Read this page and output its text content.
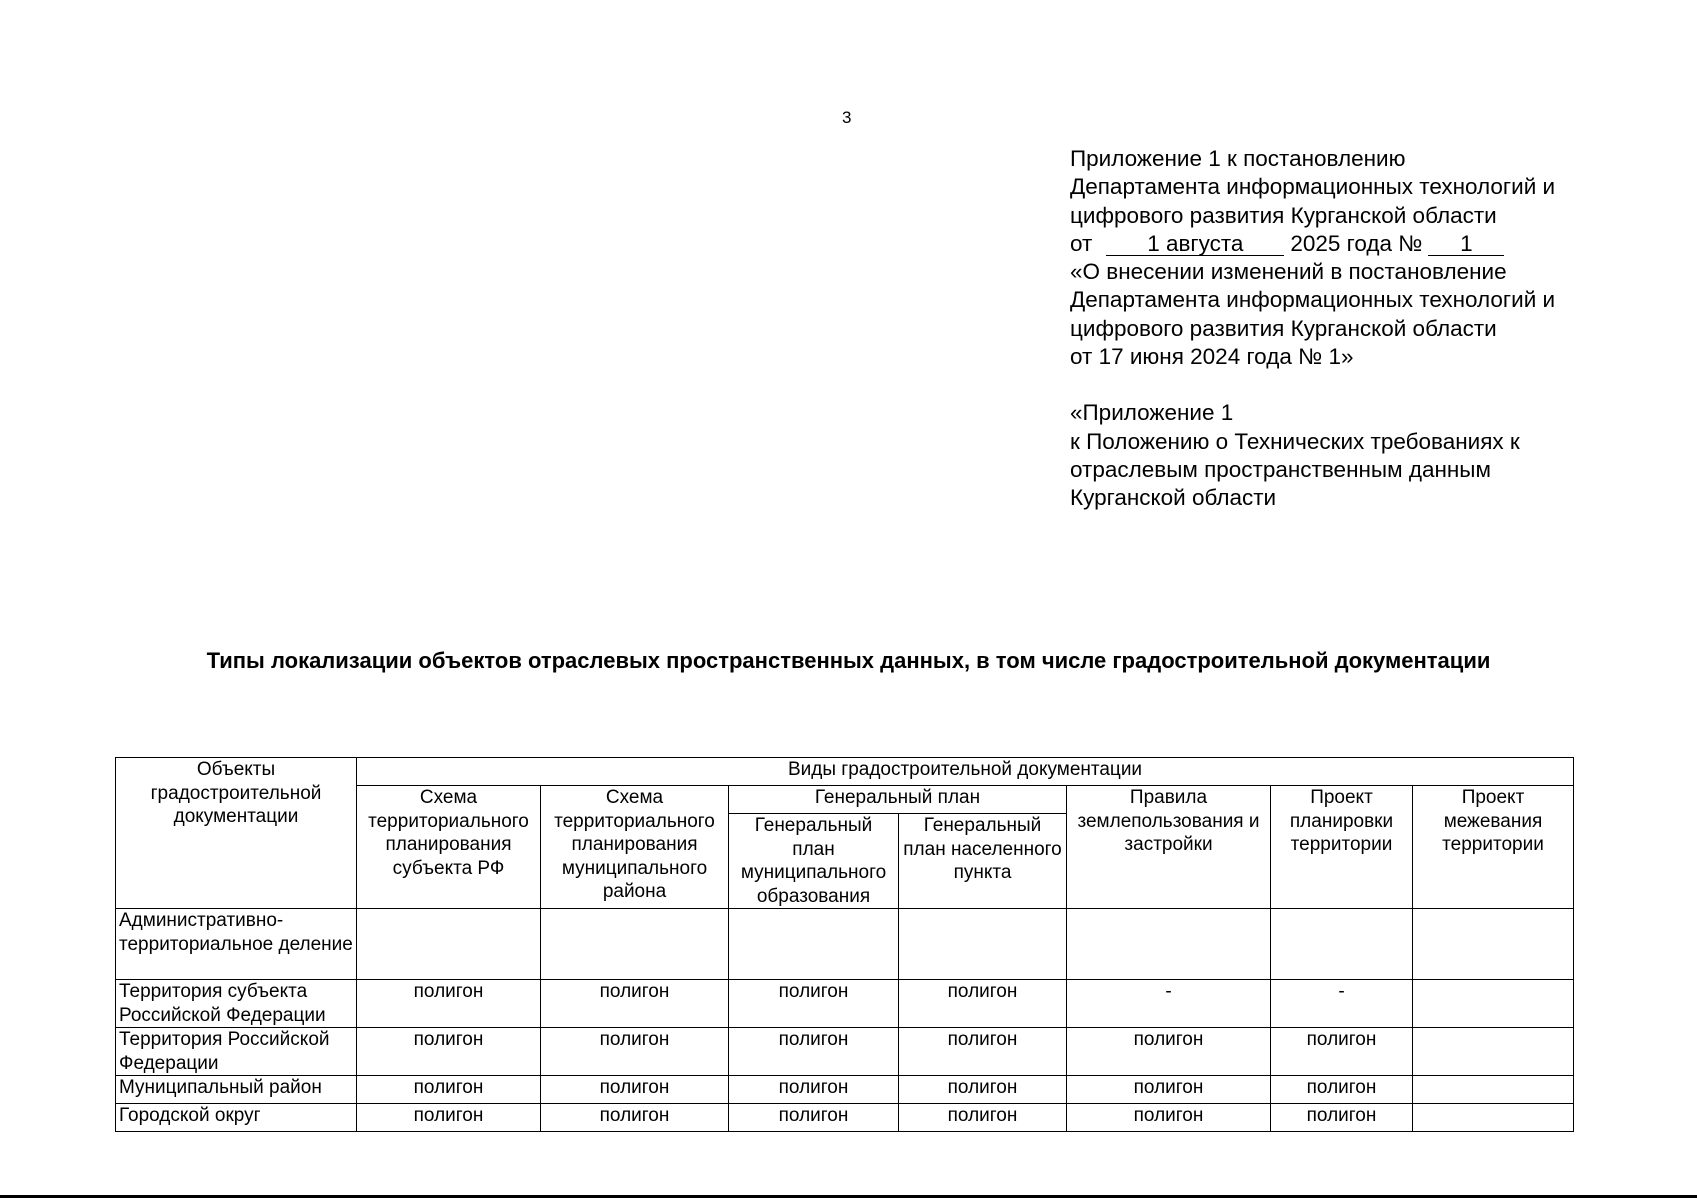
3
Приложение 1 к постановлению
Департамента информационных технологий и
цифрового развития Курганской области
от 1 августа 2025 года № 1
«О внесении изменений в постановление
Департамента информационных технологий и
цифрового развития Курганской области
от 17 июня 2024 года № 1»
«Приложение 1
к Положению о Технических требованиях к
отраслевым пространственным данным
Курганской области
Типы локализации объектов отраслевых пространственных данных, в том числе градостроительной документации
Объекты градостроительной документации	Виды градостроительной документации						
	Схема территориального планирования субъекта РФ	Схема территориального планирования муниципального района	Генеральный план		Правила землепользования и застройки	Проект планировки территории	Проект межевания территории
			Генеральный план муниципального образования	Генеральный план населенного пункта			
Административно-территориальное деление							
Территория субъекта Российской Федерации	полигон	полигон	полигон	полигон	-	-	
Территория Российской Федерации	полигон	полигон	полигон	полигон	полигон	полигон	
Муниципальный район	полигон	полигон	полигон	полигон	полигон	полигон	
Городской округ	полигон	полигон	полигон	полигон	полигон	полигон	
